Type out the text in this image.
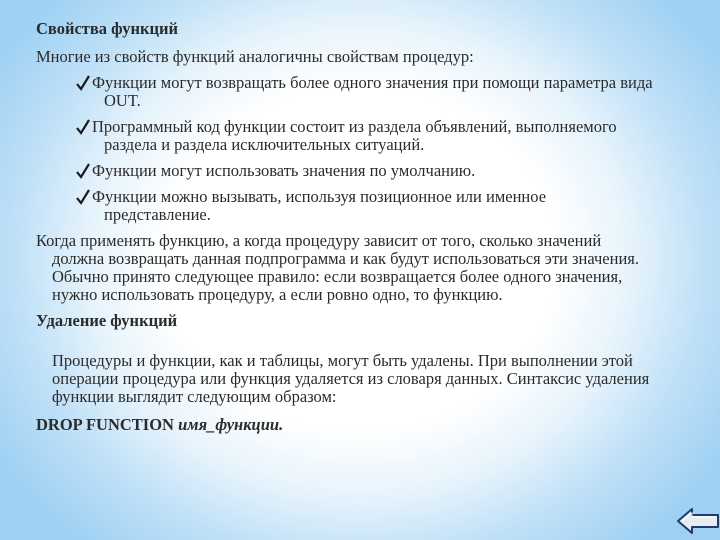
Свойства функций

Многие из свойств функций аналогичны свойствам процедур:

Функции могут возвращать более одного значения при помощи параметра вида OUT.
Программный код функции состоит из раздела объявлений, выполняемого раздела и раздела исключительных ситуаций.
Функции могут использовать значения по умолчанию.
Функции можно вызывать, используя позиционное или именное представление.

Когда применять функцию, а когда процедуру зависит от того, сколько значений должна возвращать данная подпрограмма и как будут использоваться эти значения. Обычно принято следующее правило: если возвращается более одного значения, нужно использовать процедуру, а если ровно одно, то функцию.

Удаление функций

Процедуры и функции, как и таблицы, могут быть удалены. При выполнении этой операции процедура или функция удаляется из словаря данных. Синтаксис удаления функции выглядит следующим образом:

DROP FUNCTION имя_функции.
